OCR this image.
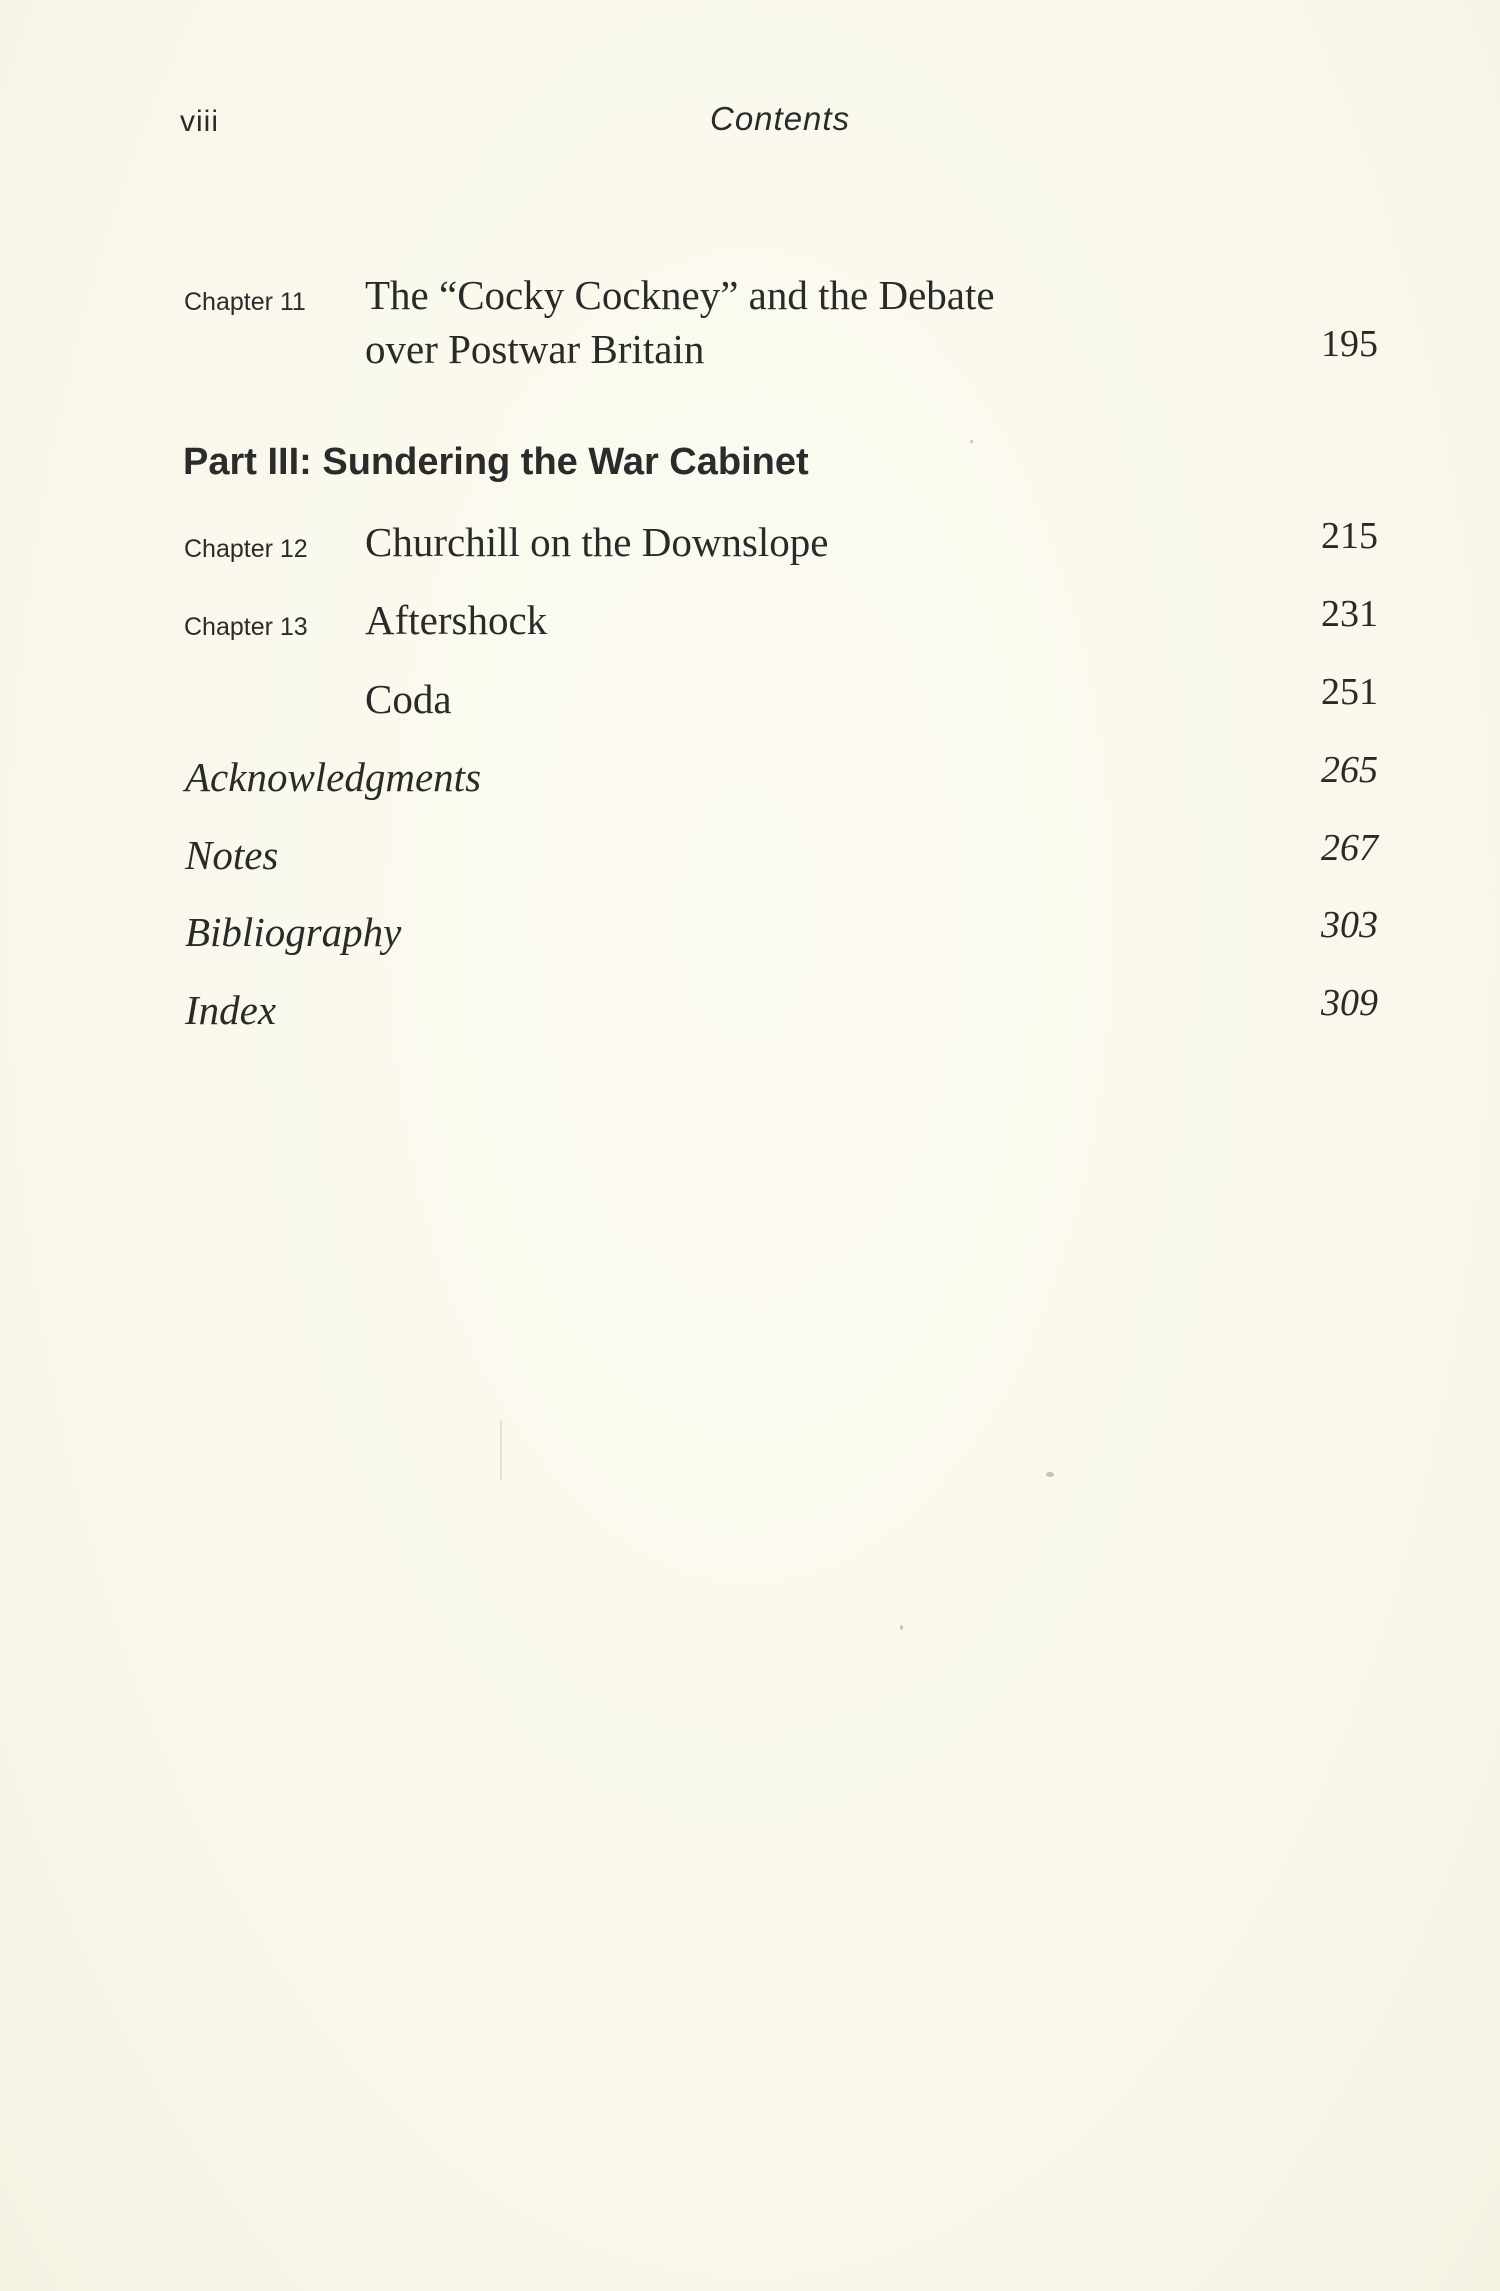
viii	Contents
Chapter 11 The “Cocky Cockney” and the Debate
over Postwar Britain	195
Part III: Sundering the War Cabinet
Chapter 12 Churchill on the Downslope	215
Chapter 13 Aftershock	231
Coda	251
Acknowledgments	265
Notes	267
Bibliography	303
Index	309
